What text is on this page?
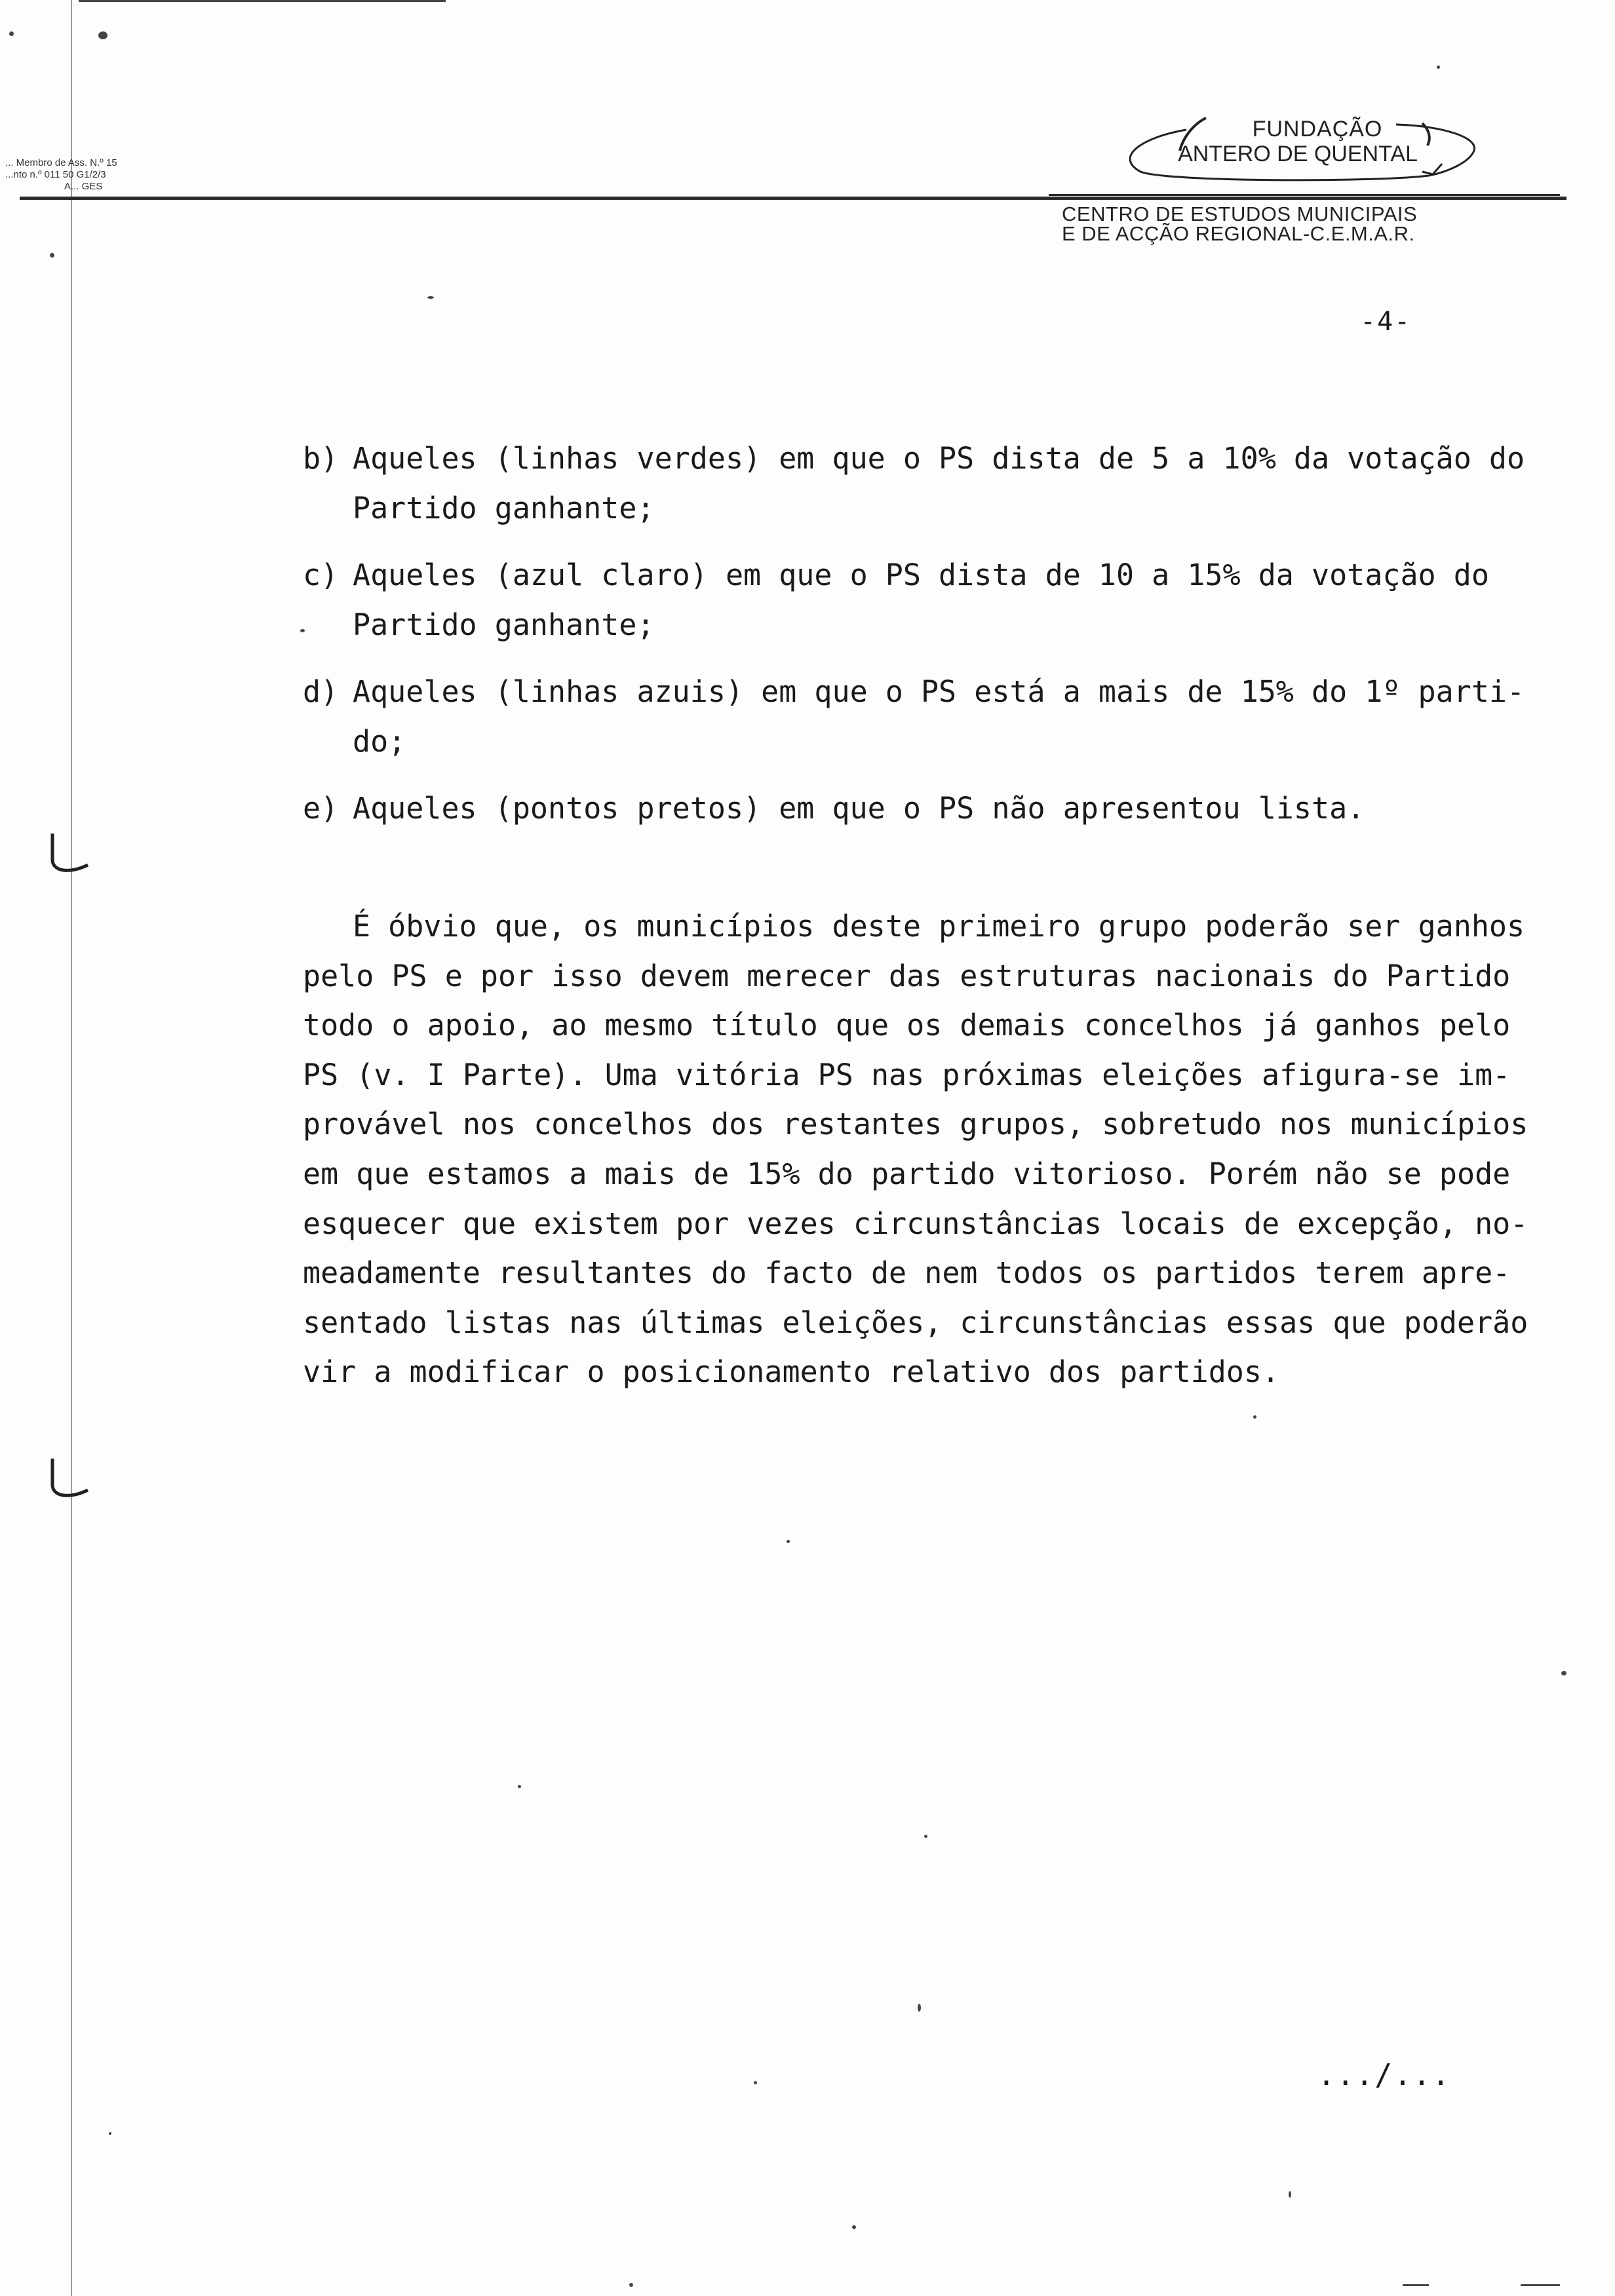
... Membro de Ass. N.º 15
...nto n.º 011 50 G1/2/3
A... GES
FUNDAÇÃO
ANTERO DE QUENTAL
CENTRO DE ESTUDOS MUNICIPAIS
E DE ACÇÃO REGIONAL-C.E.M.A.R.
-4-
b) Aqueles (linhas verdes) em que o PS dista de 5 a 10% da votação do
Partido ganhante;
c) Aqueles (azul claro) em que o PS dista de 10 a 15% da votação do
Partido ganhante;
d) Aqueles (linhas azuis) em que o PS está a mais de 15% do 1º parti-
do;
e) Aqueles (pontos pretos) em que o PS não apresentou lista.
É óbvio que, os municípios deste primeiro grupo poderão ser ganhos
pelo PS e por isso devem merecer das estruturas nacionais do Partido
todo o apoio, ao mesmo título que os demais concelhos já ganhos pelo
PS (v. I Parte). Uma vitória PS nas próximas eleições afigura-se im-
provável nos concelhos dos restantes grupos, sobretudo nos municípios
em que estamos a mais de 15% do partido vitorioso. Porém não se pode
esquecer que existem por vezes circunstâncias locais de excepção, no-
meadamente resultantes do facto de nem todos os partidos terem apre-
sentado listas nas últimas eleições, circunstâncias essas que poderão
vir a modificar o posicionamento relativo dos partidos.
.../...
